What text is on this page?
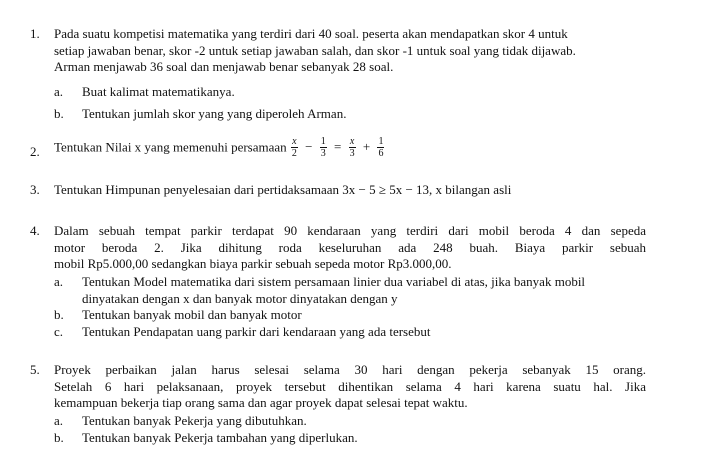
1. Pada suatu kompetisi matematika yang terdiri dari 40 soal. peserta akan mendapatkan skor 4 untuk
setiap jawaban benar, skor -2 untuk setiap jawaban salah, dan skor -1 untuk soal yang tidak dijawab.
Arman menjawab 36 soal dan menjawab benar sebanyak 28 soal.
a. Buat kalimat matematikanya.
b. Tentukan jumlah skor yang yang diperoleh Arman.
2. Tentukan Nilai x yang memenuhi persamaan $\frac{x}{2} - \frac{1}{3} = \frac{x}{3} + \frac{1}{6}$
3. Tentukan Himpunan penyelesaian dari pertidaksamaan 3x − 5 ≥ 5x − 13, x bilangan asli
4. Dalam sebuah tempat parkir terdapat 90 kendaraan yang terdiri dari mobil beroda 4 dan sepeda
motor beroda 2. Jika dihitung roda keseluruhan ada 248 buah. Biaya parkir sebuah
mobil Rp5.000,00 sedangkan biaya parkir sebuah sepeda motor Rp3.000,00.
a. Tentukan Model matematika dari sistem persamaan linier dua variabel di atas, jika banyak mobil
dinyatakan dengan x dan banyak motor dinyatakan dengan y
b. Tentukan banyak mobil dan banyak motor
c. Tentukan Pendapatan uang parkir dari kendaraan yang ada tersebut
5. Proyek perbaikan jalan harus selesai selama 30 hari dengan pekerja sebanyak 15 orang.
Setelah 6 hari pelaksanaan, proyek tersebut dihentikan selama 4 hari karena suatu hal. Jika
kemampuan bekerja tiap orang sama dan agar proyek dapat selesai tepat waktu.
a. Tentukan banyak Pekerja yang dibutuhkan.
b. Tentukan banyak Pekerja tambahan yang diperlukan.
